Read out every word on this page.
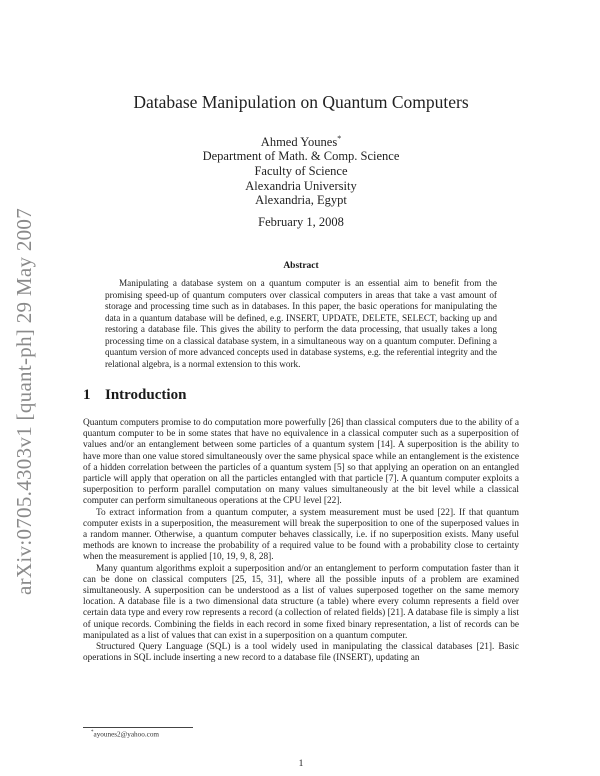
arXiv:0705.4303v1 [quant-ph] 29 May 2007
Database Manipulation on Quantum Computers
Ahmed Younes*
Department of Math. & Comp. Science
Faculty of Science
Alexandria University
Alexandria, Egypt
February 1, 2008
Abstract
Manipulating a database system on a quantum computer is an essential aim to benefit from the promising speed-up of quantum computers over classical computers in areas that take a vast amount of storage and processing time such as in databases. In this paper, the basic operations for manipulating the data in a quantum database will be defined, e.g. INSERT, UPDATE, DELETE, SELECT, backing up and restoring a database file. This gives the ability to perform the data processing, that usually takes a long processing time on a classical database system, in a simultaneous way on a quantum computer. Defining a quantum version of more advanced concepts used in database systems, e.g. the referential integrity and the relational algebra, is a normal extension to this work.
1 Introduction

Quantum computers promise to do computation more powerfully [26] than classical computers due to the ability of a quantum computer to be in some states that have no equivalence in a classical computer such as a superposition of values and/or an entanglement between some particles of a quantum system [14]. A superposition is the ability to have more than one value stored simultaneously over the same physical space while an entanglement is the existence of a hidden correlation between the particles of a quantum system [5] so that applying an operation on an entangled particle will apply that operation on all the particles entangled with that particle [7]. A quantum computer exploits a superposition to perform parallel computation on many values simultaneously at the bit level while a classical computer can perform simultaneous operations at the CPU level [22].

To extract information from a quantum computer, a system measurement must be used [22]. If that quantum computer exists in a superposition, the measurement will break the superposition to one of the superposed values in a random manner. Otherwise, a quantum computer behaves classically, i.e. if no superposition exists. Many useful methods are known to increase the probability of a required value to be found with a probability close to certainty when the measurement is applied [10, 19, 9, 8, 28].

Many quantum algorithms exploit a superposition and/or an entanglement to perform computation faster than it can be done on classical computers [25, 15, 31], where all the possible inputs of a problem are examined simultaneously. A superposition can be understood as a list of values superposed together on the same memory location. A database file is a two dimensional data structure (a table) where every column represents a field over certain data type and every row represents a record (a collection of related fields) [21]. A database file is simply a list of unique records. Combining the fields in each record in some fixed binary representation, a list of records can be manipulated as a list of values that can exist in a superposition on a quantum computer.

Structured Query Language (SQL) is a tool widely used in manipulating the classical databases [21]. Basic operations in SQL include inserting a new record to a database file (INSERT), updating an

*ayounes2@yahoo.com
1
